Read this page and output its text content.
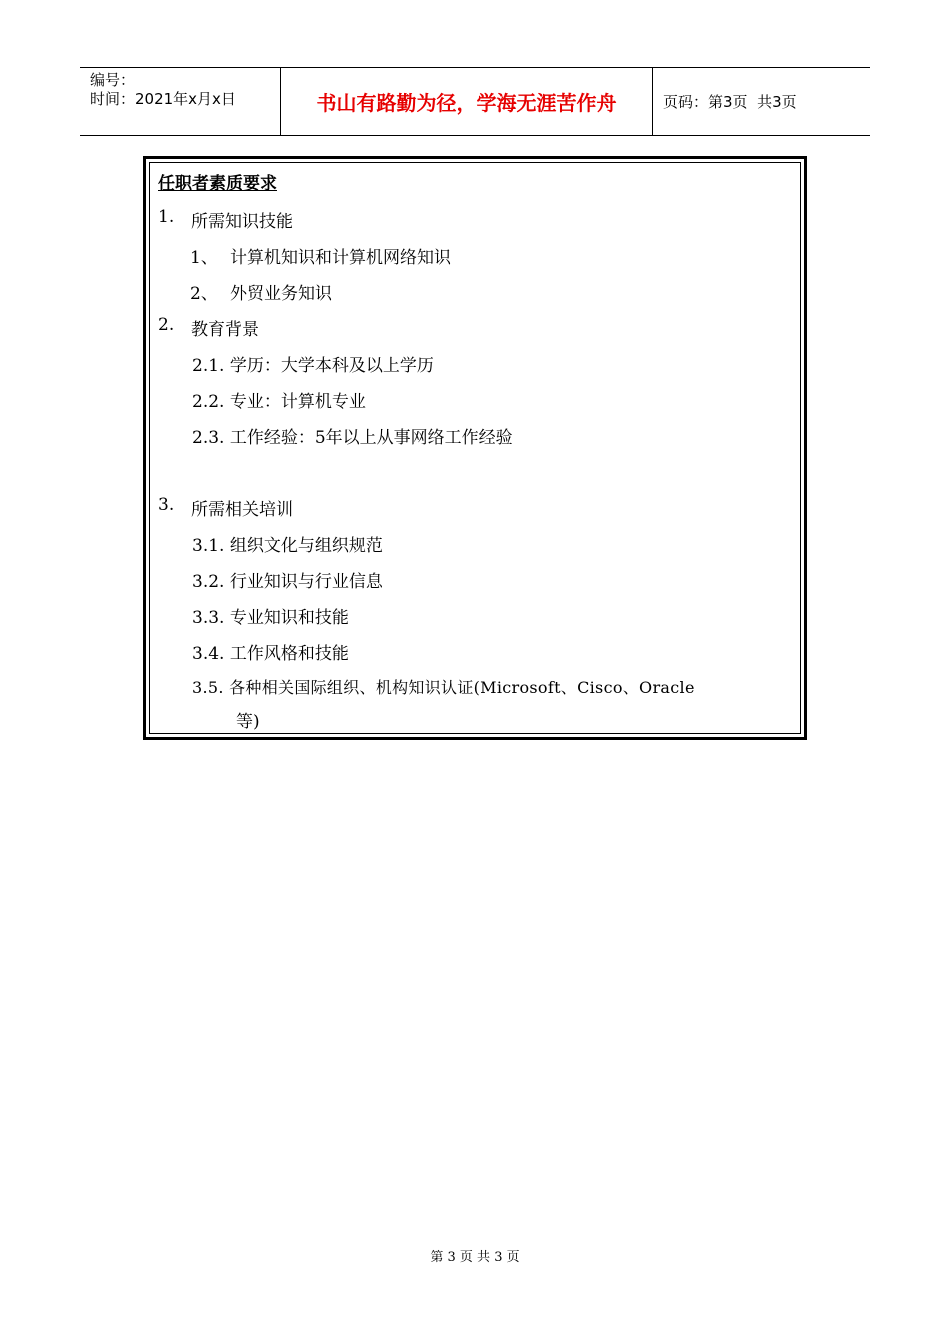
编号：
时间：2021年x月x日	书山有路勤为径，学海无涯苦作舟	页码：第3页  共3页
任职者素质要求
1. 所需知识技能
1、 计算机知识和计算机网络知识
2、 外贸业务知识
2. 教育背景
2.1. 学历：大学本科及以上学历
2.2. 专业：计算机专业
2.3. 工作经验：5年以上从事网络工作经验
3. 所需相关培训
3.1. 组织文化与组织规范
3.2. 行业知识与行业信息
3.3. 专业知识和技能
3.4. 工作风格和技能
3.5. 各种相关国际组织、机构知识认证(Microsoft、Cisco、Oracle
等)
第 3 页 共 3 页
